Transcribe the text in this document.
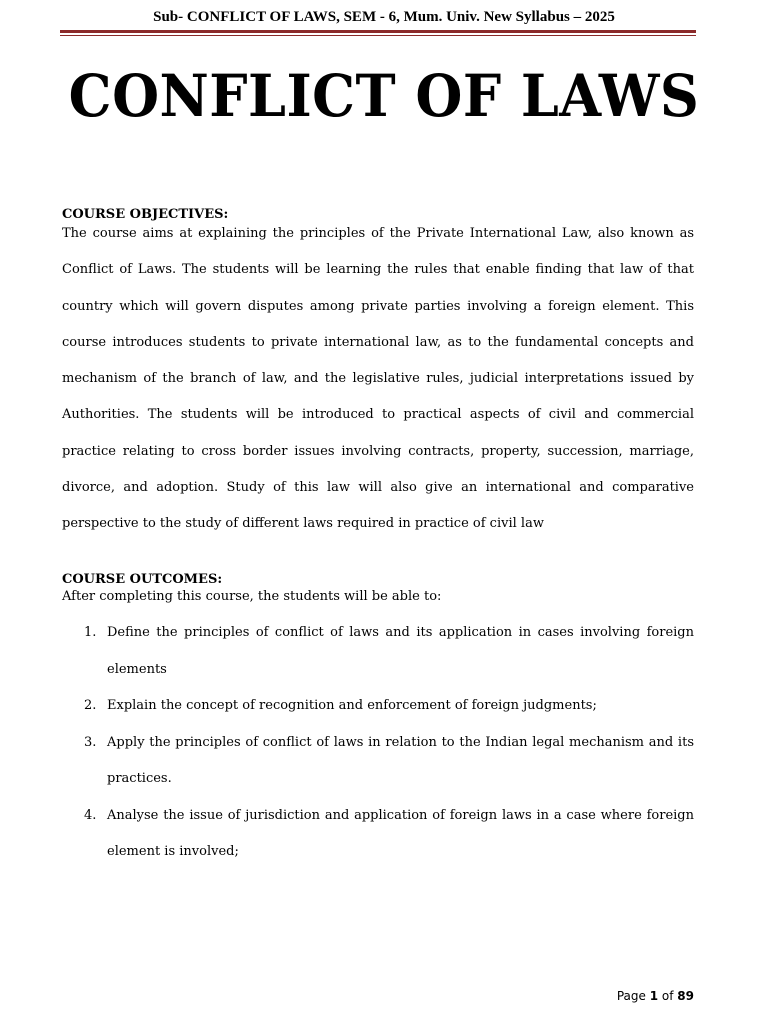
Sub- CONFLICT OF LAWS, SEM - 6, Mum. Univ. New Syllabus – 2025
CONFLICT OF LAWS
COURSE OBJECTIVES:
The course aims at explaining the principles of the Private International Law, also known as Conflict of Laws. The students will be learning the rules that enable finding that law of that country which will govern disputes among private parties involving a foreign element. This course introduces students to private international law, as to the fundamental concepts and mechanism of the branch of law, and the legislative rules, judicial interpretations issued by Authorities. The students will be introduced to practical aspects of civil and commercial practice relating to cross border issues involving contracts, property, succession, marriage, divorce, and adoption. Study of this law will also give an international and comparative perspective to the study of different laws required in practice of civil law
COURSE OUTCOMES:
After completing this course, the students will be able to:
1. Define the principles of conflict of laws and its application in cases involving foreign elements
2. Explain the concept of recognition and enforcement of foreign judgments;
3. Apply the principles of conflict of laws in relation to the Indian legal mechanism and its practices.
4. Analyse the issue of jurisdiction and application of foreign laws in a case where foreign element is involved;
Page 1 of 89
